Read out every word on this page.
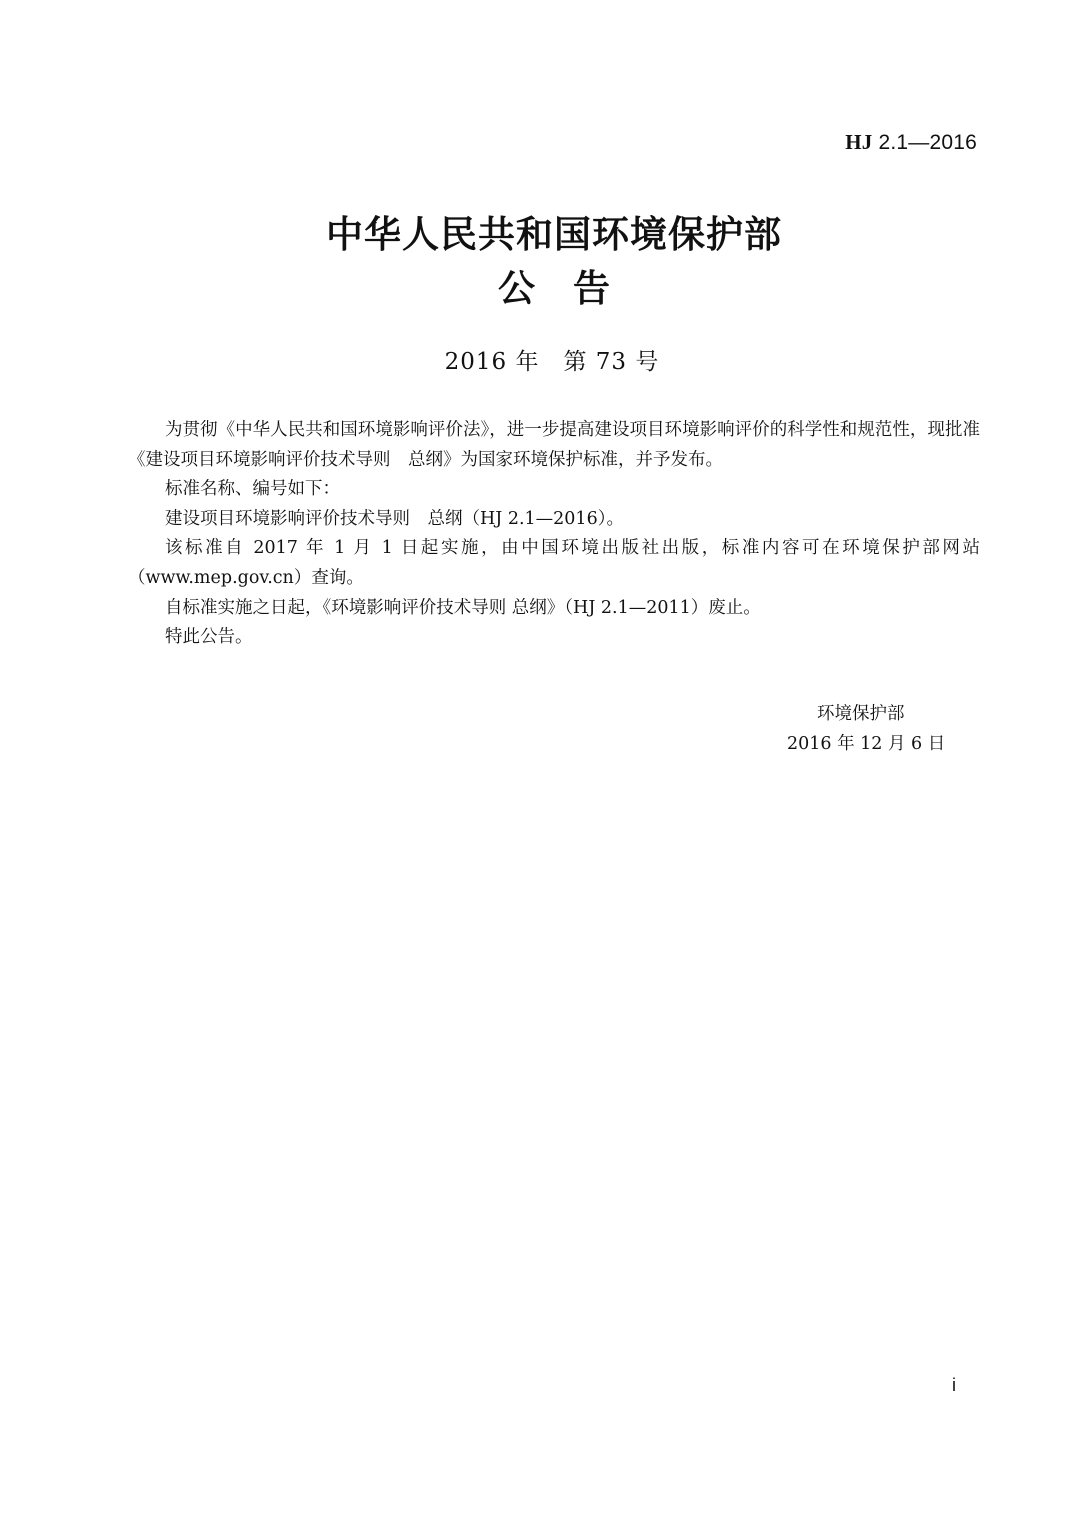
HJ 2.1—2016
中华人民共和国环境保护部
公告
2016 年　第 73 号

为贯彻《中华人民共和国环境影响评价法》，进一步提高建设项目环境影响评价的科学性和规范性，现批准《建设项目环境影响评价技术导则　总纲》为国家环境保护标准，并予发布。

标准名称、编号如下：

建设项目环境影响评价技术导则　总纲（HJ 2.1—2016）。

该标准自 2017 年 1 月 1 日起实施，由中国环境出版社出版，标准内容可在环境保护部网站（www.mep.gov.cn）查询。

自标准实施之日起，《环境影响评价技术导则 总纲》（HJ 2.1—2011）废止。

特此公告。

环境保护部
2016 年 12 月 6 日
i
